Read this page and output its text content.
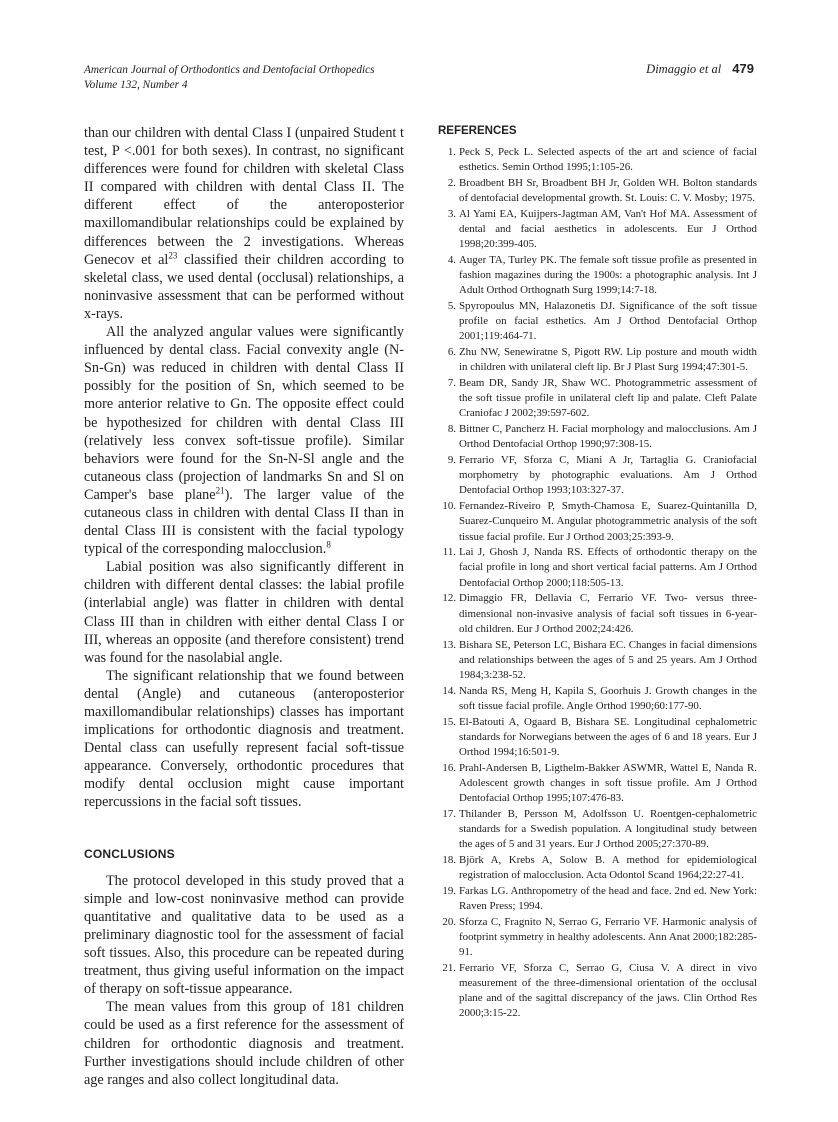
American Journal of Orthodontics and Dentofacial Orthopedics
Volume 132, Number 4
Dimaggio et al 479

than our children with dental Class I (unpaired Student t test, P <.001 for both sexes). In contrast, no significant differences were found for children with skeletal Class II compared with children with dental Class II. The different effect of the anteroposterior maxillomandibular relationships could be explained by differences between the 2 investigations. Whereas Genecov et $al^{23}$ classified their children according to skeletal class, we used dental (occlusal) relationships, a noninvasive assessment that can be performed without x-rays.

All the analyzed angular values were significantly influenced by dental class. Facial convexity angle (N-Sn-Gn) was reduced in children with dental Class II possibly for the position of Sn, which seemed to be more anterior relative to Gn. The opposite effect could be hypothesized for children with dental Class III (relatively less convex soft-tissue profile). Similar behaviors were found for the Sn-N-Sl angle and the cutaneous class (projection of landmarks Sn and Sl on Camper's base plane$^{21}$). The larger value of the cutaneous class in children with dental Class II than in dental Class III is consistent with the facial typology typical of the corresponding malocclusion.$^8$

Labial position was also significantly different in children with different dental classes: the labial profile (interlabial angle) was flatter in children with dental Class III than in children with either dental Class I or III, whereas an opposite (and therefore consistent) trend was found for the nasolabial angle.

The significant relationship that we found between dental (Angle) and cutaneous (anteroposterior maxillomandibular relationships) classes has important implications for orthodontic diagnosis and treatment. Dental class can usefully represent facial soft-tissue appearance. Conversely, orthodontic procedures that modify dental occlusion might cause important repercussions in the facial soft tissues.

CONCLUSIONS

The protocol developed in this study proved that a simple and low-cost noninvasive method can provide quantitative and qualitative data to be used as a preliminary diagnostic tool for the assessment of facial soft tissues. Also, this procedure can be repeated during treatment, thus giving useful information on the impact of therapy on soft-tissue appearance.

The mean values from this group of 181 children could be used as a first reference for the assessment of children for orthodontic diagnosis and treatment. Further investigations should include children of other age ranges and also collect longitudinal data.

REFERENCES
1. Peck S, Peck L. Selected aspects of the art and science of facial esthetics. Semin Orthod 1995;1:105-26.
2. Broadbent BH Sr, Broadbent BH Jr, Golden WH. Bolton standards of dentofacial developmental growth. St. Louis: C. V. Mosby; 1975.
3. Al Yami EA, Kuijpers-Jagtman AM, Van't Hof MA. Assessment of dental and facial aesthetics in adolescents. Eur J Orthod 1998;20:399-405.
4. Auger TA, Turley PK. The female soft tissue profile as presented in fashion magazines during the 1900s: a photographic analysis. Int J Adult Orthod Orthognath Surg 1999;14:7-18.
5. Spyropoulus MN, Halazonetis DJ. Significance of the soft tissue profile on facial esthetics. Am J Orthod Dentofacial Orthop 2001;119:464-71.
6. Zhu NW, Senewiratne S, Pigott RW. Lip posture and mouth width in children with unilateral cleft lip. Br J Plast Surg 1994;47:301-5.
7. Beam DR, Sandy JR, Shaw WC. Photogrammetric assessment of the soft tissue profile in unilateral cleft lip and palate. Cleft Palate Craniofac J 2002;39:597-602.
8. Bittner C, Pancherz H. Facial morphology and malocclusions. Am J Orthod Dentofacial Orthop 1990;97:308-15.
9. Ferrario VF, Sforza C, Miani A Jr, Tartaglia G. Craniofacial morphometry by photographic evaluations. Am J Orthod Dentofacial Orthop 1993;103:327-37.
10. Fernandez-Riveiro P, Smyth-Chamosa E, Suarez-Quintanilla D, Suarez-Cunqueiro M. Angular photogrammetric analysis of the soft tissue facial profile. Eur J Orthod 2003;25:393-9.
11. Lai J, Ghosh J, Nanda RS. Effects of orthodontic therapy on the facial profile in long and short vertical facial patterns. Am J Orthod Dentofacial Orthop 2000;118:505-13.
12. Dimaggio FR, Dellavia C, Ferrario VF. Two- versus three-dimensional non-invasive analysis of facial soft tissues in 6-year-old children. Eur J Orthod 2002;24:426.
13. Bishara SE, Peterson LC, Bishara EC. Changes in facial dimensions and relationships between the ages of 5 and 25 years. Am J Orthod 1984;3:238-52.
14. Nanda RS, Meng H, Kapila S, Goorhuis J. Growth changes in the soft tissue facial profile. Angle Orthod 1990;60:177-90.
15. El-Batouti A, Ogaard B, Bishara SE. Longitudinal cephalometric standards for Norwegians between the ages of 6 and 18 years. Eur J Orthod 1994;16:501-9.
16. Prahl-Andersen B, Ligthelm-Bakker ASWMR, Wattel E, Nanda R. Adolescent growth changes in soft tissue profile. Am J Orthod Dentofacial Orthop 1995;107:476-83.
17. Thilander B, Persson M, Adolfsson U. Roentgen-cephalometric standards for a Swedish population. A longitudinal study between the ages of 5 and 31 years. Eur J Orthod 2005;27:370-89.
18. Björk A, Krebs A, Solow B. A method for epidemiological registration of malocclusion. Acta Odontol Scand 1964;22:27-41.
19. Farkas LG. Anthropometry of the head and face. 2nd ed. New York: Raven Press; 1994.
20. Sforza C, Fragnito N, Serrao G, Ferrario VF. Harmonic analysis of footprint symmetry in healthy adolescents. Ann Anat 2000;182:285-91.
21. Ferrario VF, Sforza C, Serrao G, Ciusa V. A direct in vivo measurement of the three-dimensional orientation of the occlusal plane and of the sagittal discrepancy of the jaws. Clin Orthod Res 2000;3:15-22.
